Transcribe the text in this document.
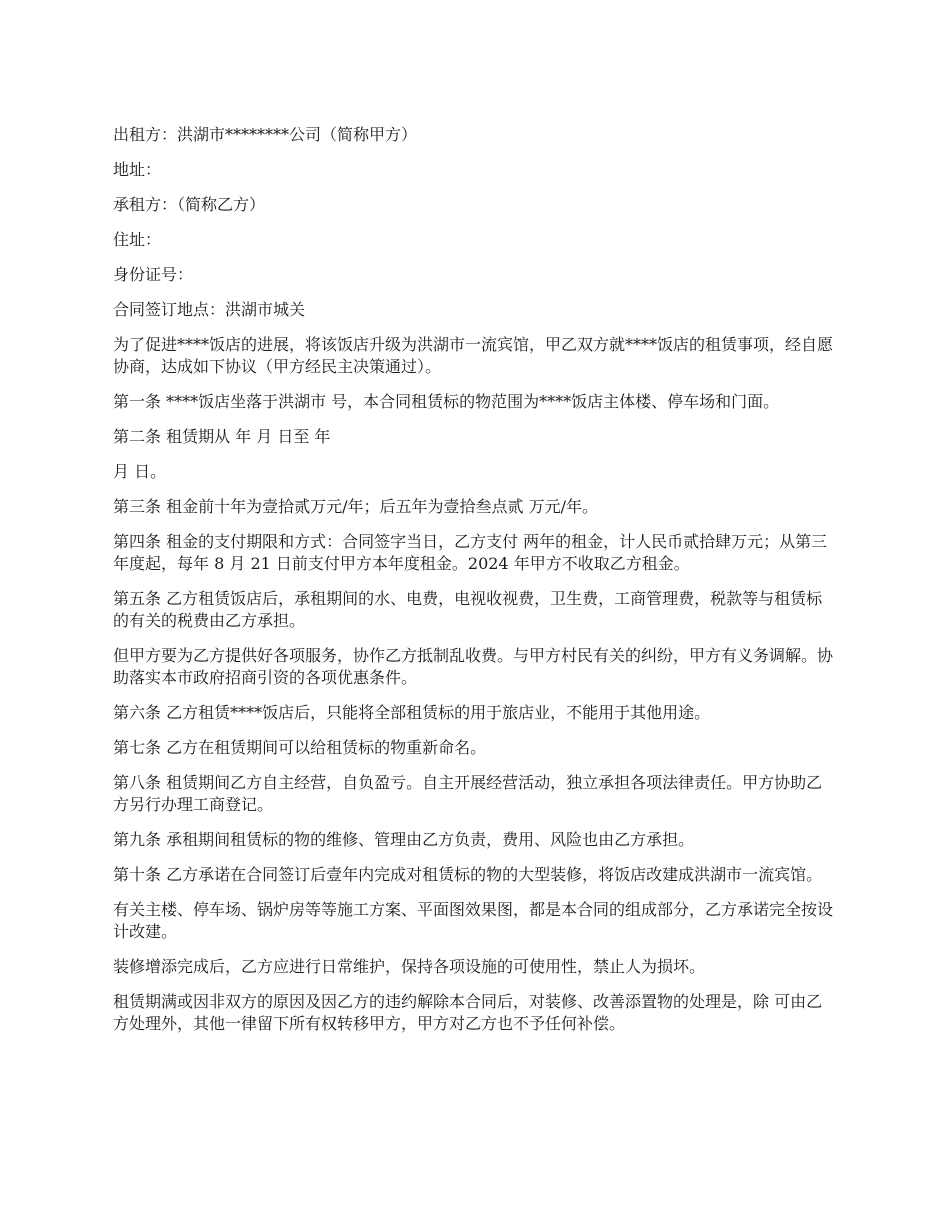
出租方：洪湖市********公司（简称甲方）

地址：

承租方：（简称乙方）

住址：

身份证号：

合同签订地点：洪湖市城关

为了促进****饭店的进展，将该饭店升级为洪湖市一流宾馆，甲乙双方就****饭店的租赁事项，经自愿协商，达成如下协议（甲方经民主决策通过）。

第一条 ****饭店坐落于洪湖市 号，本合同租赁标的物范围为****饭店主体楼、停车场和门面。

第二条 租赁期从 年 月 日至 年

月 日。

第三条 租金前十年为壹拾贰万元/年；后五年为壹拾叁点贰 万元/年。

第四条 租金的支付期限和方式：合同签字当日，乙方支付 两年的租金，计人民币贰拾肆万元；从第三年度起，每年 8 月 21 日前支付甲方本年度租金。2024 年甲方不收取乙方租金。

第五条 乙方租赁饭店后，承租期间的水、电费，电视收视费，卫生费，工商管理费，税款等与租赁标的有关的税费由乙方承担。

但甲方要为乙方提供好各项服务，协作乙方抵制乱收费。与甲方村民有关的纠纷，甲方有义务调解。协助落实本市政府招商引资的各项优惠条件。

第六条 乙方租赁****饭店后，只能将全部租赁标的用于旅店业，不能用于其他用途。

第七条 乙方在租赁期间可以给租赁标的物重新命名。

第八条 租赁期间乙方自主经营，自负盈亏。自主开展经营活动，独立承担各项法律责任。甲方协助乙方另行办理工商登记。

第九条 承租期间租赁标的物的维修、管理由乙方负责，费用、风险也由乙方承担。

第十条 乙方承诺在合同签订后壹年内完成对租赁标的物的大型装修，将饭店改建成洪湖市一流宾馆。

有关主楼、停车场、锅炉房等等施工方案、平面图效果图，都是本合同的组成部分，乙方承诺完全按设计改建。

装修增添完成后，乙方应进行日常维护，保持各项设施的可使用性，禁止人为损坏。

租赁期满或因非双方的原因及因乙方的违约解除本合同后，对装修、改善添置物的处理是，除 可由乙方处理外，其他一律留下所有权转移甲方，甲方对乙方也不予任何补偿。
